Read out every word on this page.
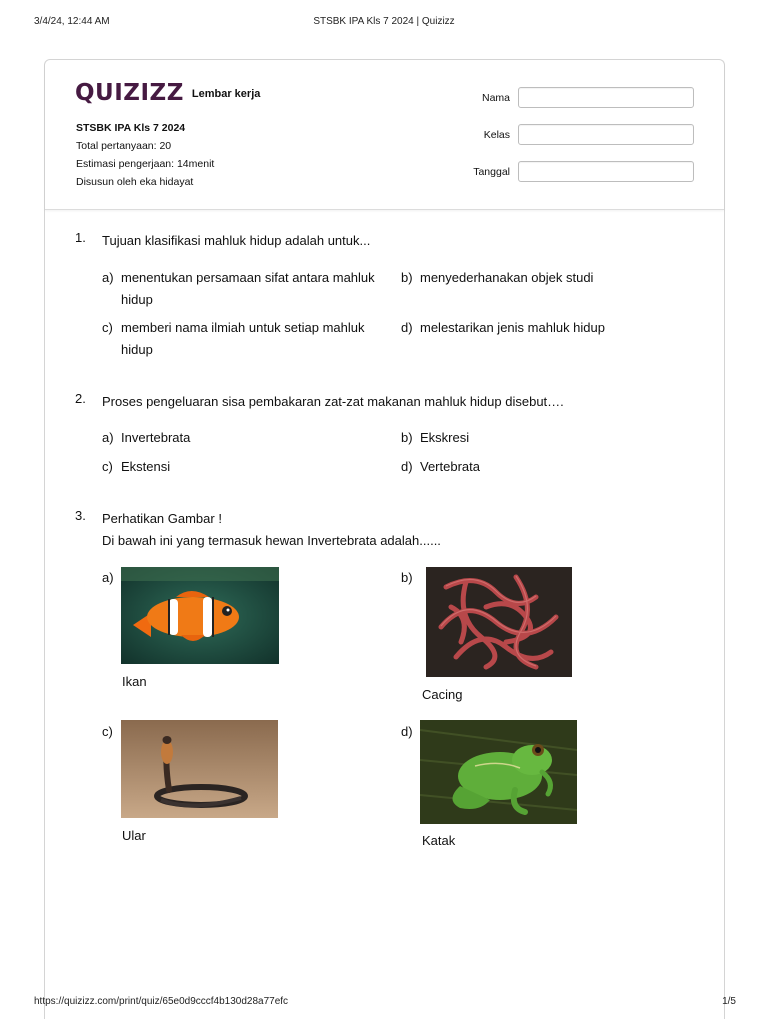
3/4/24, 12:44 AM	STSBK IPA Kls 7 2024 | Quizizz
QUIZIZZ Lembar kerja
STSBK IPA Kls 7 2024
Total pertanyaan: 20
Estimasi pengerjaan: 14menit
Disusun oleh eka hidayat
Nama
Kelas
Tanggal
1. Tujuan klasifikasi mahluk hidup adalah untuk...
a) menentukan persamaan sifat antara mahluk hidup
b) menyederhanakan objek studi
c) memberi nama ilmiah untuk setiap mahluk hidup
d) melestarikan jenis mahluk hidup
2. Proses pengeluaran sisa pembakaran zat-zat makanan mahluk hidup disebut….
a) Invertebrata	b) Ekskresi
c) Ekstensi	d) Vertebrata
3. Perhatikan Gambar !
Di bawah ini yang termasuk hewan Invertebrata adalah......
a)
Ikan
b)
Cacing
c)
Ular
d)
Katak
https://quizizz.com/print/quiz/65e0d9cccf4b130d28a77efc	1/5
